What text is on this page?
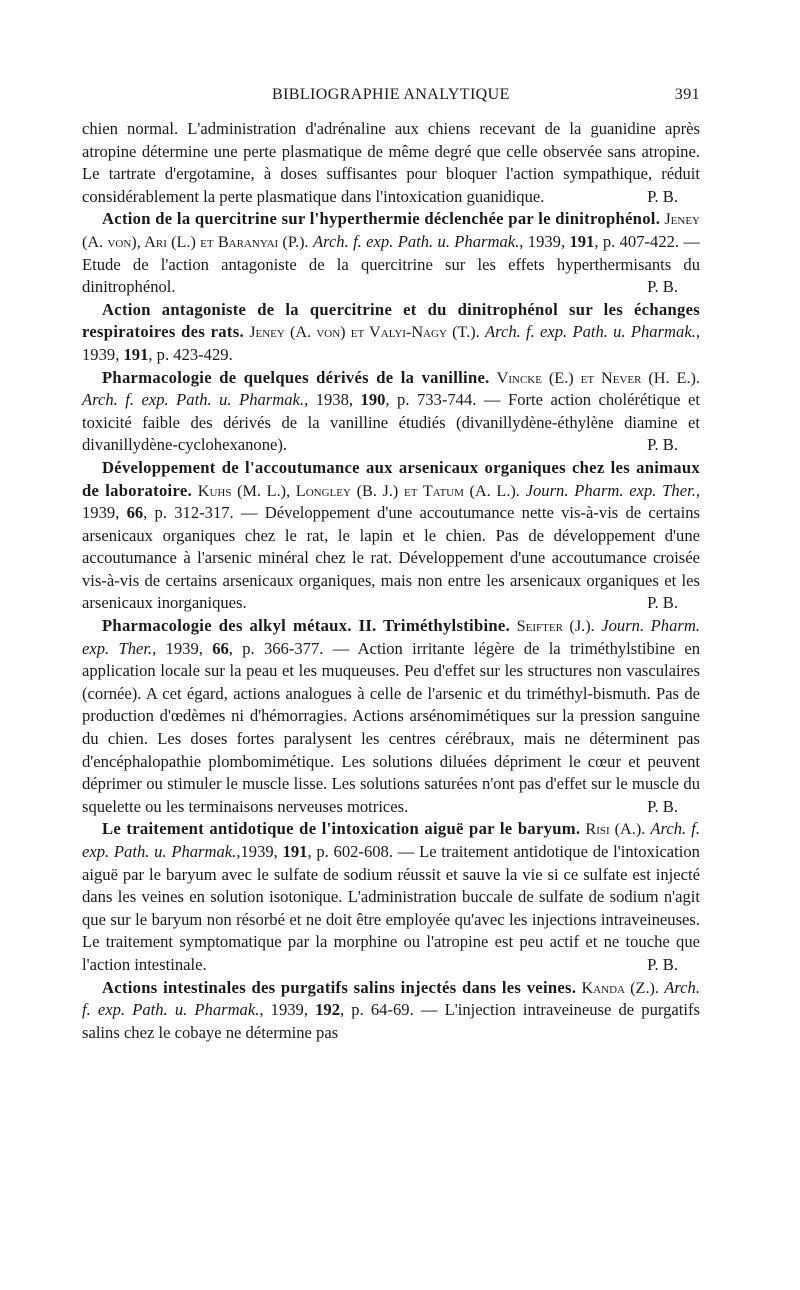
BIBLIOGRAPHIE ANALYTIQUE	391

chien normal. L'administration d'adrénaline aux chiens recevant de la guanidine après atropine détermine une perte plasmatique de même degré que celle observée sans atropine. Le tartrate d'ergotamine, à doses suffisantes pour bloquer l'action sympathique, réduit considérablement la perte plasmatique dans l'intoxication guanidique.	P. B.

Action de la quercitrine sur l'hyperthermie déclenchée par le dinitrophénol. Jeney (A. von), Ari (L.) et Baranyai (P.). Arch. f. exp. Path. u. Pharmak., 1939, 191, p. 407-422. — Etude de l'action antagoniste de la quercitrine sur les effets hyperthermisants du dinitrophénol.	P. B.

Action antagoniste de la quercitrine et du dinitrophénol sur les échanges respiratoires des rats. Jeney (A. von) et Valyi-Nagy (T.). Arch. f. exp. Path. u. Pharmak., 1939, 191, p. 423-429.

Pharmacologie de quelques dérivés de la vanilline. Vincke (E.) et Never (H. E.). Arch. f. exp. Path. u. Pharmak., 1938, 190, p. 733-744. — Forte action cholérétique et toxicité faible des dérivés de la vanilline étudiés (divanillydène-éthylène diamine et divanillydène-cyclohexanone).	P. B.

Développement de l'accoutumance aux arsenicaux organiques chez les animaux de laboratoire. Kuhs (M. L.), Longley (B. J.) et Tatum (A. L.). Journ. Pharm. exp. Ther., 1939, 66, p. 312-317. — Développement d'une accoutumance nette vis-à-vis de certains arsenicaux organiques chez le rat, le lapin et le chien. Pas de développement d'une accoutumance à l'arsenic minéral chez le rat. Développement d'une accoutumance croisée vis-à-vis de certains arsenicaux organiques, mais non entre les arsenicaux organiques et les arsenicaux inorganiques.	P. B.

Pharmacologie des alkyl métaux. II. Triméthylstibine. Seifter (J.). Journ. Pharm. exp. Ther., 1939, 66, p. 366-377. — Action irritante légère de la triméthylstibine en application locale sur la peau et les muqueuses. Peu d'effet sur les structures non vasculaires (cornée). A cet égard, actions analogues à celle de l'arsenic et du triméthyl-bismuth. Pas de production d'œdèmes ni d'hémorragies. Actions arsénomimétiques sur la pression sanguine du chien. Les doses fortes paralysent les centres cérébraux, mais ne déterminent pas d'encéphalopathie plombomimétique. Les solutions diluées dépriment le cœur et peuvent déprimer ou stimuler le muscle lisse. Les solutions saturées n'ont pas d'effet sur le muscle du squelette ou les terminaisons nerveuses motrices.	P. B.

Le traitement antidotique de l'intoxication aiguë par le baryum. Risi (A.). Arch. f. exp. Path. u. Pharmak.,1939, 191, p. 602-608. — Le traitement antidotique de l'intoxication aiguë par le baryum avec le sulfate de sodium réussit et sauve la vie si ce sulfate est injecté dans les veines en solution isotonique. L'administration buccale de sulfate de sodium n'agit que sur le baryum non résorbé et ne doit être employée qu'avec les injections intraveineuses. Le traitement symptomatique par la morphine ou l'atropine est peu actif et ne touche que l'action intestinale.	P. B.

Actions intestinales des purgatifs salins injectés dans les veines. Kanda (Z.). Arch. f. exp. Path. u. Pharmak., 1939, 192, p. 64-69. — L'injection intraveineuse de purgatifs salins chez le cobaye ne détermine pas
